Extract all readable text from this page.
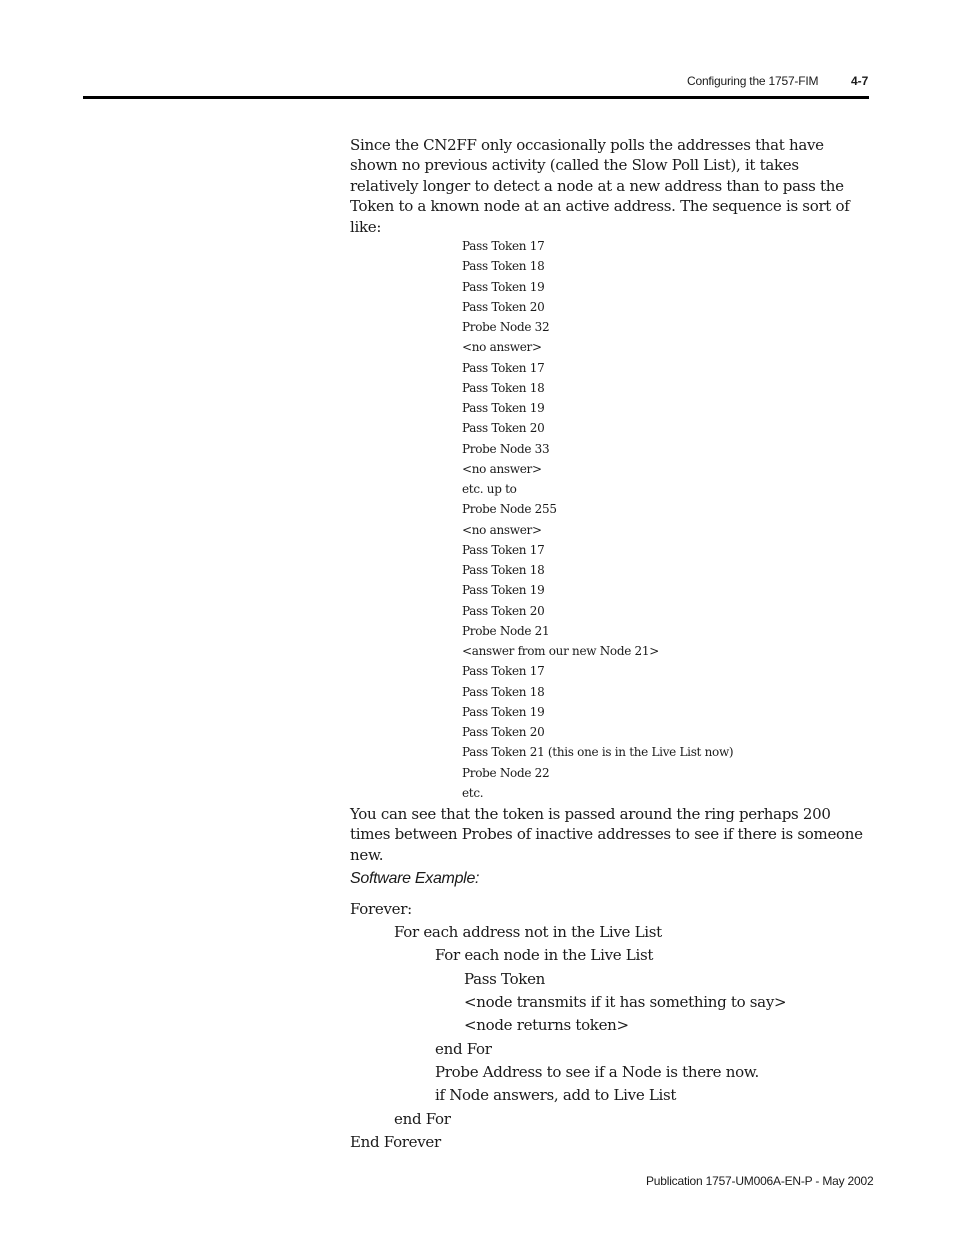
Configuring the 1757-FIM	4-7

Since the CN2FF only occasionally polls the addresses that have shown no previous activity (called the Slow Poll List), it takes relatively longer to detect a node at a new address than to pass the Token to a known node at an active address. The sequence is sort of like:

Pass Token 17
Pass Token 18
Pass Token 19
Pass Token 20
Probe Node 32
<no answer>
Pass Token 17
Pass Token 18
Pass Token 19
Pass Token 20
Probe Node 33
<no answer>
etc. up to
Probe Node 255
<no answer>
Pass Token 17
Pass Token 18
Pass Token 19
Pass Token 20
Probe Node 21
<answer from our new Node 21>
Pass Token 17
Pass Token 18
Pass Token 19
Pass Token 20
Pass Token 21 (this one is in the Live List now)
Probe Node 22
etc.

You can see that the token is passed around the ring perhaps 200 times between Probes of inactive addresses to see if there is someone new.

Software Example:
Forever:
For each address not in the Live List
For each node in the Live List
Pass Token
<node transmits if it has something to say>
<node returns token>
end For
Probe Address to see if a Node is there now.
if Node answers, add to Live List
end For
End Forever
Publication 1757-UM006A-EN-P - May 2002
